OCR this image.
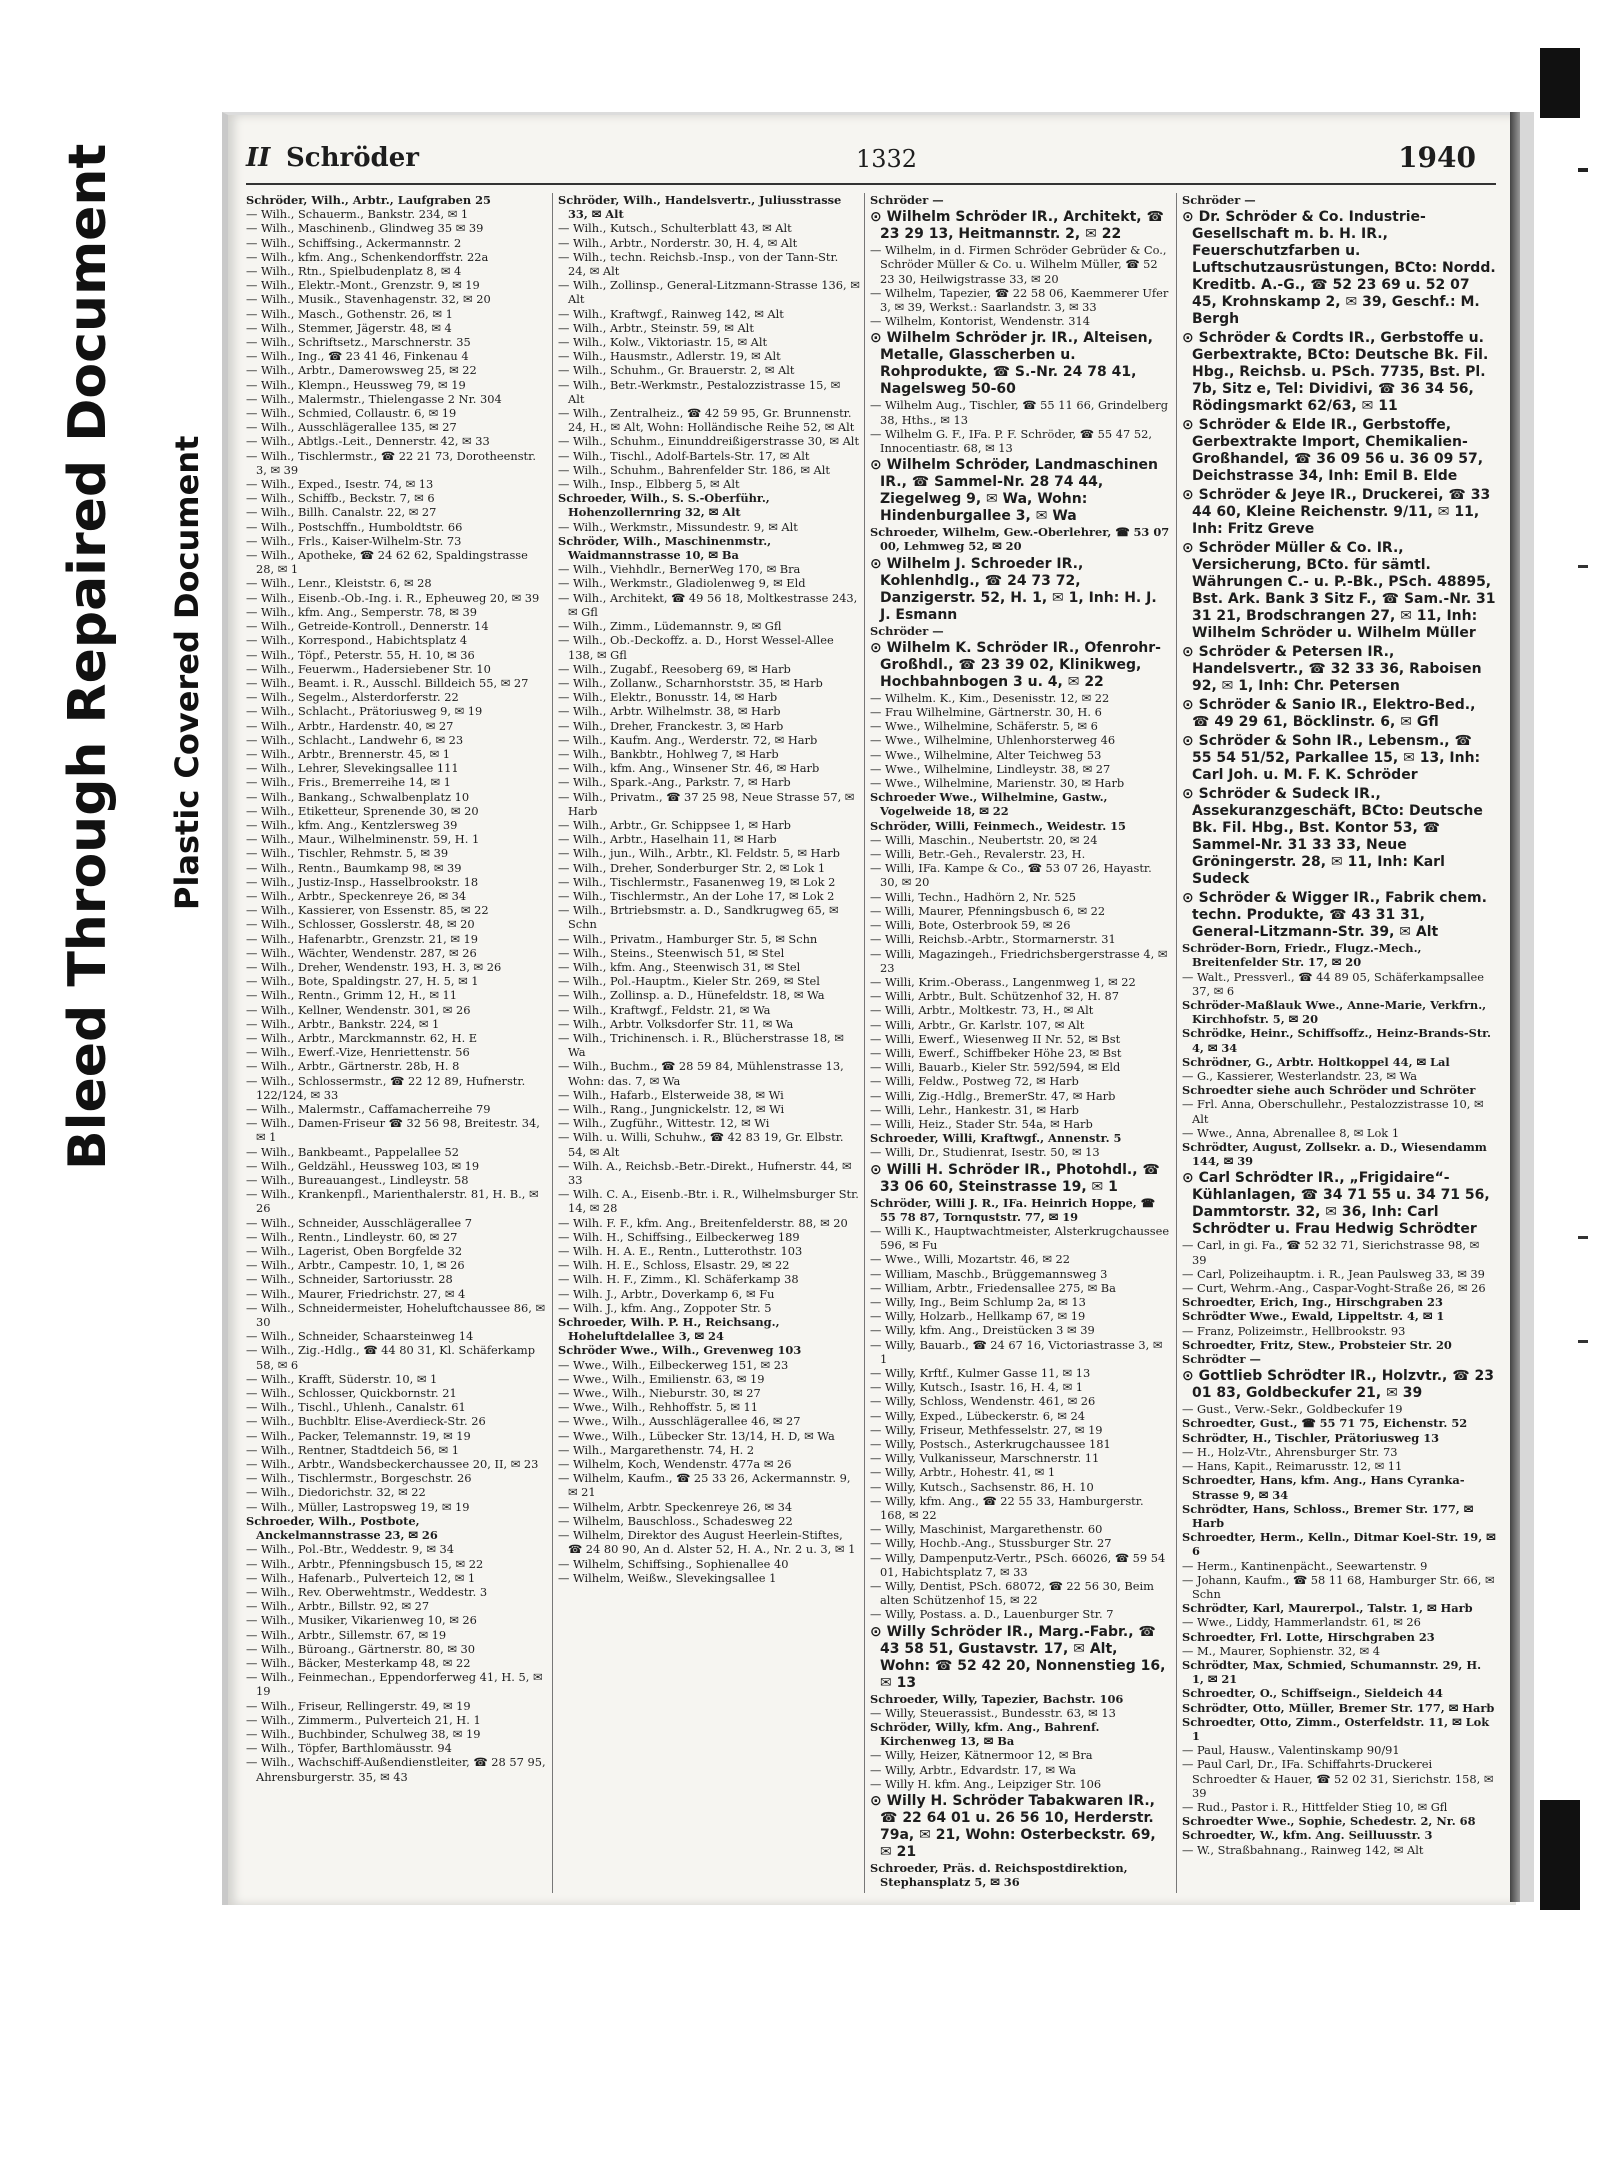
Bleed Through Repaired Document Plastic Covered Document
II Schröder	1332	1940

Schröder, Wilh., Arbtr., Laufgraben 25

— Wilh., Schauerm., Bankstr. 234, ✉ 1

— Wilh., Maschinenb., Glindweg 35 ✉ 39

— Wilh., Schiffsing., Ackermannstr. 2

— Wilh., kfm. Ang., Schenkendorffstr. 22a

— Wilh., Rtn., Spielbudenplatz 8, ✉ 4

— Wilh., Elektr.-Mont., Grenzstr. 9, ✉ 19

— Wilh., Musik., Stavenhagenstr. 32, ✉ 20

— Wilh., Masch., Gothenstr. 26, ✉ 1

— Wilh., Stemmer, Jägerstr. 48, ✉ 4

— Wilh., Schriftsetz., Marschnerstr. 35

— Wilh., Ing., ☎ 23 41 46, Finkenau 4

— Wilh., Arbtr., Damerowsweg 25, ✉ 22

— Wilh., Klempn., Heussweg 79, ✉ 19

— Wilh., Malermstr., Thielengasse 2 Nr. 304

— Wilh., Schmied, Collaustr. 6, ✉ 19

— Wilh., Ausschlägerallee 135, ✉ 27

— Wilh., Abtlgs.-Leit., Dennerstr. 42, ✉ 33

— Wilh., Tischlermstr., ☎ 22 21 73, Dorotheenstr. 3, ✉ 39

— Wilh., Exped., Isestr. 74, ✉ 13

— Wilh., Schiffb., Beckstr. 7, ✉ 6

— Wilh., Billh. Canalstr. 22, ✉ 27

— Wilh., Postschffn., Humboldtstr. 66

— Wilh., Frls., Kaiser-Wilhelm-Str. 73

— Wilh., Apotheke, ☎ 24 62 62, Spaldingstrasse 28, ✉ 1

— Wilh., Lenr., Kleiststr. 6, ✉ 28

— Wilh., Eisenb.-Ob.-Ing. i. R., Epheuweg 20, ✉ 39

— Wilh., kfm. Ang., Semperstr. 78, ✉ 39

— Wilh., Getreide-Kontroll., Dennerstr. 14

— Wilh., Korrespond., Habichtsplatz 4

— Wilh., Töpf., Peterstr. 55, H. 10, ✉ 36

— Wilh., Feuerwm., Hadersiebener Str. 10

— Wilh., Beamt. i. R., Ausschl. Billdeich 55, ✉ 27

— Wilh., Segelm., Alsterdorferstr. 22

— Wilh., Schlacht., Prätoriusweg 9, ✉ 19

— Wilh., Arbtr., Hardenstr. 40, ✉ 27

— Wilh., Schlacht., Landwehr 6, ✉ 23

— Wilh., Arbtr., Brennerstr. 45, ✉ 1

— Wilh., Lehrer, Slevekingsallee 111

— Wilh., Fris., Bremerreihe 14, ✉ 1

— Wilh., Bankang., Schwalbenplatz 10

— Wilh., Etiketteur, Sprenende 30, ✉ 20

— Wilh., kfm. Ang., Kentzlersweg 39

— Wilh., Maur., Wilhelminenstr. 59, H. 1

— Wilh., Tischler, Rehmstr. 5, ✉ 39

— Wilh., Rentn., Baumkamp 98, ✉ 39

— Wilh., Justiz-Insp., Hasselbrookstr. 18

— Wilh., Arbtr., Speckenreye 26, ✉ 34

— Wilh., Kassierer, von Essenstr. 85, ✉ 22

— Wilh., Schlosser, Gosslerstr. 48, ✉ 20

— Wilh., Hafenarbtr., Grenzstr. 21, ✉ 19

— Wilh., Wächter, Wendenstr. 287, ✉ 26

— Wilh., Dreher, Wendenstr. 193, H. 3, ✉ 26

— Wilh., Bote, Spaldingstr. 27, H. 5, ✉ 1

— Wilh., Rentn., Grimm 12, H., ✉ 11

— Wilh., Kellner, Wendenstr. 301, ✉ 26

— Wilh., Arbtr., Bankstr. 224, ✉ 1

— Wilh., Arbtr., Marckmannstr. 62, H. E

— Wilh., Ewerf.-Vize, Henriettenstr. 56

— Wilh., Arbtr., Gärtnerstr. 28b, H. 8

— Wilh., Schlossermstr., ☎ 22 12 89, Hufnerstr. 122/124, ✉ 33

— Wilh., Malermstr., Caffamacherreihe 79

— Wilh., Damen-Friseur ☎ 32 56 98, Breitestr. 34, ✉ 1

— Wilh., Bankbeamt., Pappelallee 52

— Wilh., Geldzähl., Heussweg 103, ✉ 19

— Wilh., Bureauangest., Lindleystr. 58

— Wilh., Krankenpfl., Marienthalerstr. 81, H. B., ✉ 26

— Wilh., Schneider, Ausschlägerallee 7

— Wilh., Rentn., Lindleystr. 60, ✉ 27

— Wilh., Lagerist, Oben Borgfelde 32

— Wilh., Arbtr., Campestr. 10, 1, ✉ 26

— Wilh., Schneider, Sartoriusstr. 28

— Wilh., Maurer, Friedrichstr. 27, ✉ 4

— Wilh., Schneidermeister, Hoheluftchaussee 86, ✉ 30

— Wilh., Schneider, Schaarsteinweg 14

— Wilh., Zig.-Hdlg., ☎ 44 80 31, Kl. Schäferkamp 58, ✉ 6

— Wilh., Krafft, Süderstr. 10, ✉ 1

— Wilh., Schlosser, Quickbornstr. 21

— Wilh., Tischl., Uhlenh., Canalstr. 61

— Wilh., Buchbltr. Elise-Averdieck-Str. 26

— Wilh., Packer, Telemannstr. 19, ✉ 19

— Wilh., Rentner, Stadtdeich 56, ✉ 1

— Wilh., Arbtr., Wandsbeckerchaussee 20, II, ✉ 23

— Wilh., Tischlermstr., Borgeschstr. 26

— Wilh., Diedorichstr. 32, ✉ 22

— Wilh., Müller, Lastropsweg 19, ✉ 19

Schroeder, Wilh., Postbote, Anckelmannstrasse 23, ✉ 26

— Wilh., Pol.-Btr., Weddestr. 9, ✉ 34

— Wilh., Arbtr., Pfenningsbusch 15, ✉ 22

— Wilh., Hafenarb., Pulverteich 12, ✉ 1

— Wilh., Rev. Oberwehtmstr., Weddestr. 3

— Wilh., Arbtr., Billstr. 92, ✉ 27

— Wilh., Musiker, Vikarienweg 10, ✉ 26

— Wilh., Arbtr., Sillemstr. 67, ✉ 19

— Wilh., Büroang., Gärtnerstr. 80, ✉ 30

— Wilh., Bäcker, Mesterkamp 48, ✉ 22

— Wilh., Feinmechan., Eppendorferweg 41, H. 5, ✉ 19

— Wilh., Friseur, Rellingerstr. 49, ✉ 19

— Wilh., Zimmerm., Pulverteich 21, H. 1

— Wilh., Buchbinder, Schulweg 38, ✉ 19

— Wilh., Töpfer, Barthlomäusstr. 94

— Wilh., Wachschiff-Außendienstleiter, ☎ 28 57 95, Ahrensburgerstr. 35, ✉ 43

Schröder, Wilh., Handelsvertr., Juliusstrasse 33, ✉ Alt

— Wilh., Kutsch., Schulterblatt 43, ✉ Alt

— Wilh., Arbtr., Norderstr. 30, H. 4, ✉ Alt

— Wilh., techn. Reichsb.-Insp., von der Tann-Str. 24, ✉ Alt

— Wilh., Zollinsp., General-Litzmann-Strasse 136, ✉ Alt

— Wilh., Kraftwgf., Rainweg 142, ✉ Alt

— Wilh., Arbtr., Steinstr. 59, ✉ Alt

— Wilh., Kolw., Viktoriastr. 15, ✉ Alt

— Wilh., Hausmstr., Adlerstr. 19, ✉ Alt

— Wilh., Schuhm., Gr. Brauerstr. 2, ✉ Alt

— Wilh., Betr.-Werkmstr., Pestalozzistrasse 15, ✉ Alt

— Wilh., Zentralheiz., ☎ 42 59 95, Gr. Brunnenstr. 24, H., ✉ Alt, Wohn: Holländische Reihe 52, ✉ Alt

— Wilh., Schuhm., Einunddreißigerstrasse 30, ✉ Alt

— Wilh., Tischl., Adolf-Bartels-Str. 17, ✉ Alt

— Wilh., Schuhm., Bahrenfelder Str. 186, ✉ Alt

— Wilh., Insp., Elbberg 5, ✉ Alt

Schroeder, Wilh., S. S.-Oberführ., Hohenzollernring 32, ✉ Alt

— Wilh., Werkmstr., Missundestr. 9, ✉ Alt

Schröder, Wilh., Maschinenmstr., Waidmannstrasse 10, ✉ Ba

— Wilh., Viehhdlr., BernerWeg 170, ✉ Bra

— Wilh., Werkmstr., Gladiolenweg 9, ✉ Eld

— Wilh., Architekt, ☎ 49 56 18, Moltkestrasse 243, ✉ Gfl

— Wilh., Zimm., Lüdemannstr. 9, ✉ Gfl

— Wilh., Ob.-Deckoffz. a. D., Horst Wessel-Allee 138, ✉ Gfl

— Wilh., Zugabf., Reesoberg 69, ✉ Harb

— Wilh., Zollanw., Scharnhorststr. 35, ✉ Harb

— Wilh., Elektr., Bonusstr. 14, ✉ Harb

— Wilh., Arbtr. Wilhelmstr. 38, ✉ Harb

— Wilh., Dreher, Franckestr. 3, ✉ Harb

— Wilh., Kaufm. Ang., Werderstr. 72, ✉ Harb

— Wilh., Bankbtr., Hohlweg 7, ✉ Harb

— Wilh., kfm. Ang., Winsener Str. 46, ✉ Harb

— Wilh., Spark.-Ang., Parkstr. 7, ✉ Harb

— Wilh., Privatm., ☎ 37 25 98, Neue Strasse 57, ✉ Harb

— Wilh., Arbtr., Gr. Schippsee 1, ✉ Harb

— Wilh., Arbtr., Haselhain 11, ✉ Harb

— Wilh., jun., Wilh., Arbtr., Kl. Feldstr. 5, ✉ Harb

— Wilh., Dreher, Sonderburger Str. 2, ✉ Lok 1

— Wilh., Tischlermstr., Fasanenweg 19, ✉ Lok 2

— Wilh., Tischlermstr., An der Lohe 17, ✉ Lok 2

— Wilh., Brtriebsmstr. a. D., Sandkrugweg 65, ✉ Schn

— Wilh., Privatm., Hamburger Str. 5, ✉ Schn

— Wilh., Steins., Steenwisch 51, ✉ Stel

— Wilh., kfm. Ang., Steenwisch 31, ✉ Stel

— Wilh., Pol.-Hauptm., Kieler Str. 269, ✉ Stel

— Wilh., Zollinsp. a. D., Hünefeldstr. 18, ✉ Wa

— Wilh., Kraftwgf., Feldstr. 21, ✉ Wa

— Wilh., Arbtr. Volksdorfer Str. 11, ✉ Wa

— Wilh., Trichinensch. i. R., Blücherstrasse 18, ✉ Wa

— Wilh., Buchm., ☎ 28 59 84, Mühlenstrasse 13, Wohn: das. 7, ✉ Wa

— Wilh., Hafarb., Elsterweide 38, ✉ Wi

— Wilh., Rang., Jungnickelstr. 12, ✉ Wi

— Wilh., Zugführ., Wittestr. 12, ✉ Wi

— Wilh. u. Willi, Schuhw., ☎ 42 83 19, Gr. Elbstr. 54, ✉ Alt

— Wilh. A., Reichsb.-Betr.-Direkt., Hufnerstr. 44, ✉ 33

— Wilh. C. A., Eisenb.-Btr. i. R., Wilhelmsburger Str. 14, ✉ 28

— Wilh. F. F., kfm. Ang., Breitenfelderstr. 88, ✉ 20

— Wilh. H., Schiffsing., Eilbeckerweg 189

— Wilh. H. A. E., Rentn., Lutterothstr. 103

— Wilh. H. E., Schloss, Elsastr. 29, ✉ 22

— Wilh. H. F., Zimm., Kl. Schäferkamp 38

— Wilh. J., Arbtr., Doverkamp 6, ✉ Fu

— Wilh. J., kfm. Ang., Zoppoter Str. 5

Schroeder, Wilh. P. H., Reichsang., Hoheluftdelallee 3, ✉ 24

Schröder Wwe., Wilh., Grevenweg 103

— Wwe., Wilh., Eilbeckerweg 151, ✉ 23

— Wwe., Wilh., Emilienstr. 63, ✉ 19

— Wwe., Wilh., Nieburstr. 30, ✉ 27

— Wwe., Wilh., Rehhoffstr. 5, ✉ 11

— Wwe., Wilh., Ausschlägerallee 46, ✉ 27

— Wwe., Wilh., Lübecker Str. 13/14, H. D, ✉ Wa

— Wilh., Margarethenstr. 74, H. 2

— Wilhelm, Koch, Wendenstr. 477a ✉ 26

— Wilhelm, Kaufm., ☎ 25 33 26, Ackermannstr. 9, ✉ 21

— Wilhelm, Arbtr. Speckenreye 26, ✉ 34

— Wilhelm, Bauschloss., Schadesweg 22

— Wilhelm, Direktor des August Heerlein-Stiftes, ☎ 24 80 90, An d. Alster 52, H. A., Nr. 2 u. 3, ✉ 1

— Wilhelm, Schiffsing., Sophienallee 40

— Wilhelm, Weißw., Slevekingsallee 1

Schröder —

⊙ Wilhelm Schröder IR., Architekt, ☎ 23 29 13, Heitmannstr. 2, ✉ 22

— Wilhelm, in d. Firmen Schröder Gebrüder & Co., Schröder Müller & Co. u. Wilhelm Müller, ☎ 52 23 30, Heilwigstrasse 33, ✉ 20

— Wilhelm, Tapezier, ☎ 22 58 06, Kaemmerer Ufer 3, ✉ 39, Werkst.: Saarlandstr. 3, ✉ 33

— Wilhelm, Kontorist, Wendenstr. 314

⊙ Wilhelm Schröder jr. IR., Alteisen, Metalle, Glasscherben u. Rohprodukte, ☎ S.-Nr. 24 78 41, Nagelsweg 50-60

— Wilhelm Aug., Tischler, ☎ 55 11 66, Grindelberg 38, Hths., ✉ 13

— Wilhelm G. F., IFa. P. F. Schröder, ☎ 55 47 52, Innocentiastr. 68, ✉ 13

⊙ Wilhelm Schröder, Landmaschinen IR., ☎ Sammel-Nr. 28 74 44, Ziegelweg 9, ✉ Wa, Wohn: Hindenburgallee 3, ✉ Wa

Schroeder, Wilhelm, Gew.-Oberlehrer, ☎ 53 07 00, Lehmweg 52, ✉ 20

⊙ Wilhelm J. Schroeder IR., Kohlenhdlg., ☎ 24 73 72, Danzigerstr. 52, H. 1, ✉ 1, Inh: H. J. J. Esmann

Schröder —

⊙ Wilhelm K. Schröder IR., Ofenrohr-Großhdl., ☎ 23 39 02, Klinikweg, Hochbahnbogen 3 u. 4, ✉ 22

— Wilhelm. K., Kim., Desenisstr. 12, ✉ 22

— Frau Wilhelmine, Gärtnerstr. 30, H. 6

— Wwe., Wilhelmine, Schäferstr. 5, ✉ 6

— Wwe., Wilhelmine, Uhlenhorsterweg 46

— Wwe., Wilhelmine, Alter Teichweg 53

— Wwe., Wilhelmine, Lindleystr. 38, ✉ 27

— Wwe., Wilhelmine, Marienstr. 30, ✉ Harb

Schroeder Wwe., Wilhelmine, Gastw., Vogelweide 18, ✉ 22

Schröder, Willi, Feinmech., Weidestr. 15

— Willi, Maschin., Neubertstr. 20, ✉ 24

— Willi, Betr.-Geh., Revalerstr. 23, H.

— Willi, IFa. Kampe & Co., ☎ 53 07 26, Hayastr. 30, ✉ 20

— Willi, Techn., Hadhörn 2, Nr. 525

— Willi, Maurer, Pfenningsbusch 6, ✉ 22

— Willi, Bote, Osterbrook 59, ✉ 26

— Willi, Reichsb.-Arbtr., Stormarnerstr. 31

— Willi, Magazingeh., Friedrichsbergerstrasse 4, ✉ 23

— Willi, Krim.-Oberass., Langenmweg 1, ✉ 22

— Willi, Arbtr., Bult. Schützenhof 32, H. 87

— Willi, Arbtr., Moltkestr. 73, H., ✉ Alt

— Willi, Arbtr., Gr. Karlstr. 107, ✉ Alt

— Willi, Ewerf., Wiesenweg II Nr. 52, ✉ Bst

— Willi, Ewerf., Schiffbeker Höhe 23, ✉ Bst

— Willi, Bauarb., Kieler Str. 592/594, ✉ Eld

— Willi, Feldw., Postweg 72, ✉ Harb

— Willi, Zig.-Hdlg., BremerStr. 47, ✉ Harb

— Willi, Lehr., Hankestr. 31, ✉ Harb

— Willi, Heiz., Stader Str. 54a, ✉ Harb

Schroeder, Willi, Kraftwgf., Annenstr. 5

— Willi, Dr., Studienrat, Isestr. 50, ✉ 13

⊙ Willi H. Schröder IR., Photohdl., ☎ 33 06 60, Steinstrasse 19, ✉ 1

Schröder, Willi J. R., IFa. Heinrich Hoppe, ☎ 55 78 87, Tornquststr. 77, ✉ 19

— Willi K., Hauptwachtmeister, Alsterkrugchaussee 596, ✉ Fu

— Wwe., Willi, Mozartstr. 46, ✉ 22

— William, Maschb., Brüggemannsweg 3

— William, Arbtr., Friedensallee 275, ✉ Ba

— Willy, Ing., Beim Schlump 2a, ✉ 13

— Willy, Holzarb., Hellkamp 67, ✉ 19

— Willy, kfm. Ang., Dreistücken 3 ✉ 39

— Willy, Bauarb., ☎ 24 67 16, Victoriastrasse 3, ✉ 1

— Willy, Krftf., Kulmer Gasse 11, ✉ 13

— Willy, Kutsch., Isastr. 16, H. 4, ✉ 1

— Willy, Schloss, Wendenstr. 461, ✉ 26

— Willy, Exped., Lübeckerstr. 6, ✉ 24

— Willy, Friseur, Methfesselstr. 27, ✉ 19

— Willy, Postsch., Asterkrugchaussee 181

— Willy, Vulkanisseur, Marschnerstr. 11

— Willy, Arbtr., Hohestr. 41, ✉ 1

— Willy, Kutsch., Sachsenstr. 86, H. 10

— Willy, kfm. Ang., ☎ 22 55 33, Hamburgerstr. 168, ✉ 22

— Willy, Maschinist, Margarethenstr. 60

— Willy, Hochb.-Ang., Stussburger Str. 27

— Willy, Dampenputz-Vertr., PSch. 66026, ☎ 59 54 01, Habichtsplatz 7, ✉ 33

— Willy, Dentist, PSch. 68072, ☎ 22 56 30, Beim alten Schützenhof 15, ✉ 22

— Willy, Postass. a. D., Lauenburger Str. 7

⊙ Willy Schröder IR., Marg.-Fabr., ☎ 43 58 51, Gustavstr. 17, ✉ Alt, Wohn: ☎ 52 42 20, Nonnenstieg 16, ✉ 13

Schroeder, Willy, Tapezier, Bachstr. 106

— Willy, Steuerassist., Bundesstr. 63, ✉ 13

Schröder, Willy, kfm. Ang., Bahrenf. Kirchenweg 13, ✉ Ba

— Willy, Heizer, Kätnermoor 12, ✉ Bra

— Willy, Arbtr., Edvardstr. 17, ✉ Wa

— Willy H. kfm. Ang., Leipziger Str. 106

⊙ Willy H. Schröder Tabakwaren IR., ☎ 22 64 01 u. 26 56 10, Herderstr. 79a, ✉ 21, Wohn: Osterbeckstr. 69, ✉ 21

Schroeder, Präs. d. Reichspostdirektion, Stephansplatz 5, ✉ 36

Schröder —

⊙ Dr. Schröder & Co. Industrie-Gesellschaft m. b. H. IR., Feuerschutzfarben u. Luftschutzausrüstungen, BCto: Nordd. Kreditb. A.-G., ☎ 52 23 69 u. 52 07 45, Krohnskamp 2, ✉ 39, Geschf.: M. Bergh

⊙ Schröder & Cordts IR., Gerbstoffe u. Gerbextrakte, BCto: Deutsche Bk. Fil. Hbg., Reichsb. u. PSch. 7735, Bst. Pl. 7b, Sitz e, Tel: Dividivi, ☎ 36 34 56, Rödingsmarkt 62/63, ✉ 11

⊙ Schröder & Elde IR., Gerbstoffe, Gerbextrakte Import, Chemikalien-Großhandel, ☎ 36 09 56 u. 36 09 57, Deichstrasse 34, Inh: Emil B. Elde

⊙ Schröder & Jeye IR., Druckerei, ☎ 33 44 60, Kleine Reichenstr. 9/11, ✉ 11, Inh: Fritz Greve

⊙ Schröder Müller & Co. IR., Versicherung, BCto. für sämtl. Währungen C.- u. P.-Bk., PSch. 48895, Bst. Ark. Bank 3 Sitz F., ☎ Sam.-Nr. 31 31 21, Brodschrangen 27, ✉ 11, Inh: Wilhelm Schröder u. Wilhelm Müller

⊙ Schröder & Petersen IR., Handelsvertr., ☎ 32 33 36, Raboisen 92, ✉ 1, Inh: Chr. Petersen

⊙ Schröder & Sanio IR., Elektro-Bed., ☎ 49 29 61, Böcklinstr. 6, ✉ Gfl

⊙ Schröder & Sohn IR., Lebensm., ☎ 55 54 51/52, Parkallee 15, ✉ 13, Inh: Carl Joh. u. M. F. K. Schröder

⊙ Schröder & Sudeck IR., Assekuranzgeschäft, BCto: Deutsche Bk. Fil. Hbg., Bst. Kontor 53, ☎ Sammel-Nr. 31 33 33, Neue Gröningerstr. 28, ✉ 11, Inh: Karl Sudeck

⊙ Schröder & Wigger IR., Fabrik chem. techn. Produkte, ☎ 43 31 31, General-Litzmann-Str. 39, ✉ Alt

Schröder-Born, Friedr., Flugz.-Mech., Breitenfelder Str. 17, ✉ 20

— Walt., Pressverl., ☎ 44 89 05, Schäferkampsallee 37, ✉ 6

Schröder-Maßlauk Wwe., Anne-Marie, Verkfrn., Kirchhofstr. 5, ✉ 20

Schrödke, Heinr., Schiffsoffz., Heinz-Brands-Str. 4, ✉ 34

Schrödner, G., Arbtr. Holtkoppel 44, ✉ Lal

— G., Kassierer, Westerlandstr. 23, ✉ Wa

Schroedter siehe auch Schröder und Schröter

— Frl. Anna, Oberschullehr., Pestalozzistrasse 10, ✉ Alt

— Wwe., Anna, Abrenallee 8, ✉ Lok 1

Schrödter, August, Zollsekr. a. D., Wiesendamm 144, ✉ 39

⊙ Carl Schrödter IR., „Frigidaire“-Kühlanlagen, ☎ 34 71 55 u. 34 71 56, Dammtorstr. 32, ✉ 36, Inh: Carl Schrödter u. Frau Hedwig Schrödter

— Carl, in gi. Fa., ☎ 52 32 71, Sierichstrasse 98, ✉ 39

— Carl, Polizeihauptm. i. R., Jean Paulsweg 33, ✉ 39

— Curt, Wehrm.-Ang., Caspar-Voght-Straße 26, ✉ 26

Schroedter, Erich, Ing., Hirschgraben 23

Schrödter Wwe., Ewald, Lippeltstr. 4, ✉ 1

— Franz, Polizeimstr., Hellbrookstr. 93

Schroedter, Fritz, Stew., Probsteier Str. 20

Schrödter —

⊙ Gottlieb Schrödter IR., Holzvtr., ☎ 23 01 83, Goldbeckufer 21, ✉ 39

— Gust., Verw.-Sekr., Goldbeckufer 19

Schroedter, Gust., ☎ 55 71 75, Eichenstr. 52

Schrödter, H., Tischler, Prätoriusweg 13

— H., Holz-Vtr., Ahrensburger Str. 73

— Hans, Kapit., Reimarusstr. 12, ✉ 11

Schroedter, Hans, kfm. Ang., Hans Cyranka-Strasse 9, ✉ 34

Schrödter, Hans, Schloss., Bremer Str. 177, ✉ Harb

Schroedter, Herm., Kelln., Ditmar Koel-Str. 19, ✉ 6

— Herm., Kantinenpächt., Seewartenstr. 9

— Johann, Kaufm., ☎ 58 11 68, Hamburger Str. 66, ✉ Schn

Schrödter, Karl, Maurerpol., Talstr. 1, ✉ Harb

— Wwe., Liddy, Hammerlandstr. 61, ✉ 26

Schroedter, Frl. Lotte, Hirschgraben 23

— M., Maurer, Sophienstr. 32, ✉ 4

Schrödter, Max, Schmied, Schumannstr. 29, H. 1, ✉ 21

Schroedter, O., Schiffseign., Sieldeich 44

Schrödter, Otto, Müller, Bremer Str. 177, ✉ Harb

Schroedter, Otto, Zimm., Osterfeldstr. 11, ✉ Lok 1

— Paul, Hausw., Valentinskamp 90/91

— Paul Carl, Dr., IFa. Schiffahrts-Druckerei Schroedter & Hauer, ☎ 52 02 31, Sierichstr. 158, ✉ 39

— Rud., Pastor i. R., Hittfelder Stieg 10, ✉ Gfl

Schroedter Wwe., Sophie, Schedestr. 2, Nr. 68

Schroedter, W., kfm. Ang. Seilluusstr. 3

— W., Straßbahnang., Rainweg 142, ✉ Alt
